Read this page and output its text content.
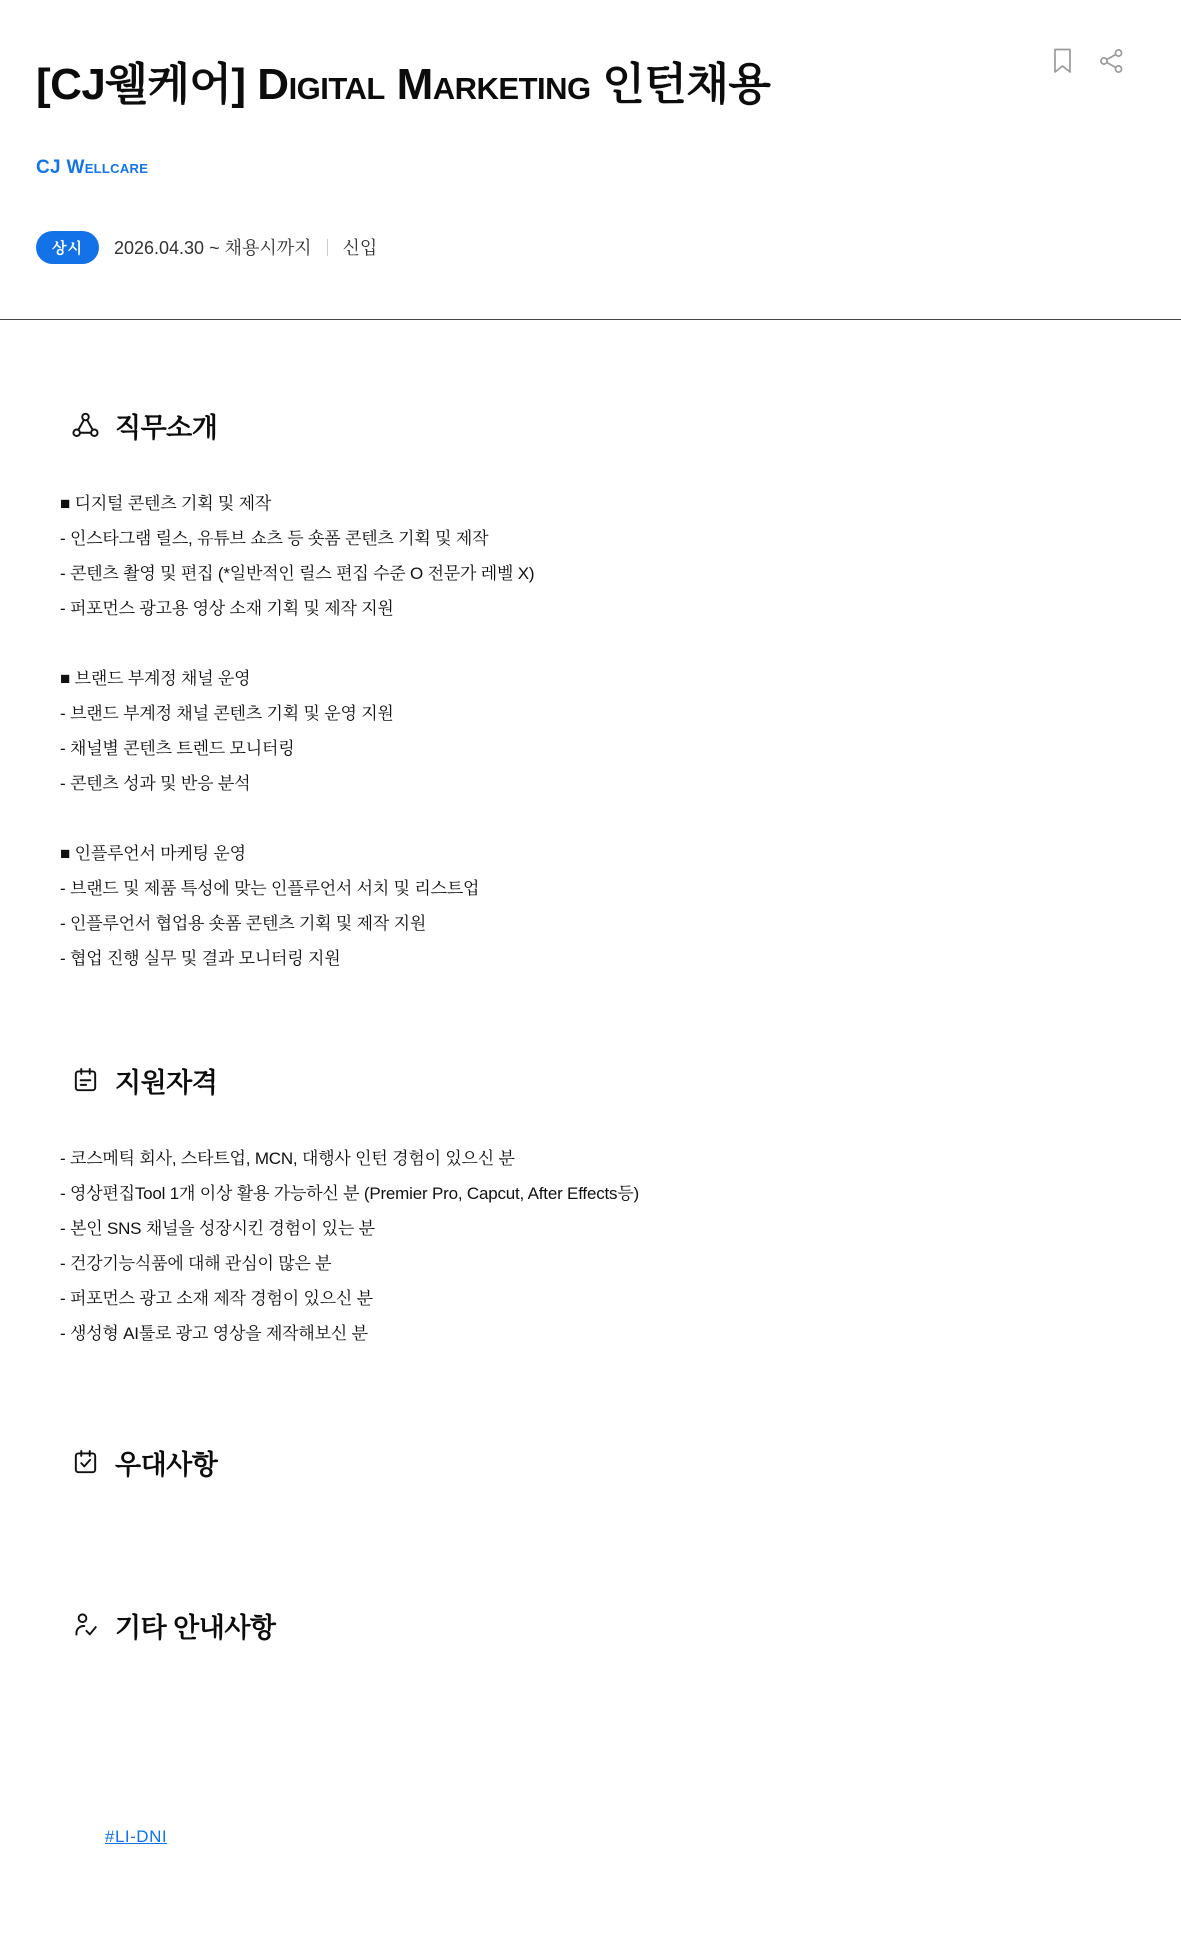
[CJ웰케어] Digital Marketing 인턴채용
CJ Wellcare
상시	2026.04.30 ~ 채용시까지 신입
직무소개
■ 디지털 콘텐츠 기획 및 제작
- 인스타그램 릴스, 유튜브 쇼츠 등 숏폼 콘텐츠 기획 및 제작
- 콘텐츠 촬영 및 편집 (*일반적인 릴스 편집 수준 O 전문가 레벨 X)
- 퍼포먼스 광고용 영상 소재 기획 및 제작 지원
■ 브랜드 부계정 채널 운영
- 브랜드 부계정 채널 콘텐츠 기획 및 운영 지원
- 채널별 콘텐츠 트렌드 모니터링
- 콘텐츠 성과 및 반응 분석
■ 인플루언서 마케팅 운영
- 브랜드 및 제품 특성에 맞는 인플루언서 서치 및 리스트업
- 인플루언서 협업용 숏폼 콘텐츠 기획 및 제작 지원
- 협업 진행 실무 및 결과 모니터링 지원
지원자격
- 코스메틱 회사, 스타트업, MCN, 대행사 인턴 경험이 있으신 분
- 영상편집Tool 1개 이상 활용 가능하신 분 (Premier Pro, Capcut, After Effects등)
- 본인 SNS 채널을 성장시킨 경험이 있는 분
- 건강기능식품에 대해 관심이 많은 분
- 퍼포먼스 광고 소재 제작 경험이 있으신 분
- 생성형 AI툴로 광고 영상을 제작해보신 분
우대사항
기타 안내사항
#LI-DNI
